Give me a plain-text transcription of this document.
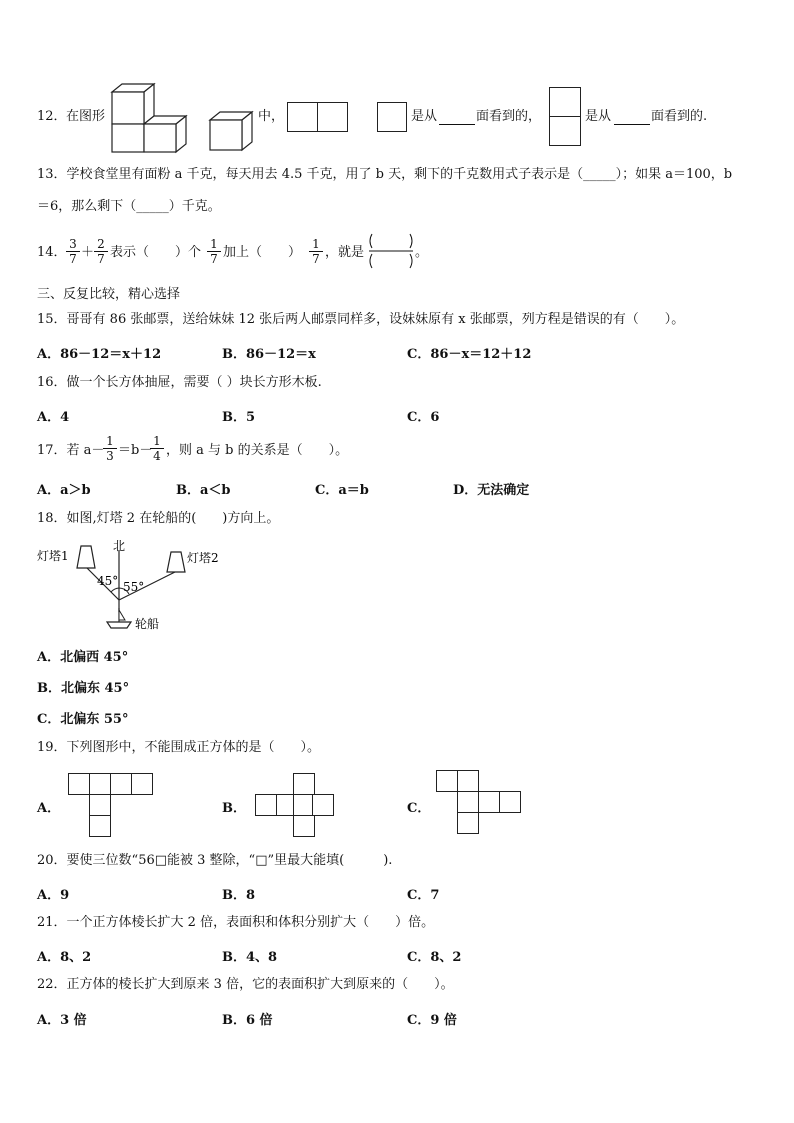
12． 在图形	中，	是从	面看到的，	是从	面看到的.
13．学校食堂里有面粉 a 千克，每天用去 4.5 千克，用了 b 天，剩下的千克数用式子表示是（_____）；如果 a＝100，b
＝6，那么剩下（_____）千克。
14． $\frac{3}{7} + \frac{2}{7}$ 表示（　　）个 $\frac{1}{7}$ 加上（　　） $\frac{1}{7}$ ，就是	。
三、反复比较，精心选择
15．哥哥有 86 张邮票，送给妹妹 12 张后两人邮票同样多，设妹妹原有 x 张邮票，列方程是错误的有（　　）。
A．86－12＝x＋12	B．86－12＝x	C．86－x＝12＋12
16．做一个长方体抽屉，需要（ ）块长方形木板.
A．4	B．5	C．6
17．若 a－
$\frac{1}{3} =b-$
$\frac{1}{4}$ ，则 a 与 b 的关系是（　　）。
A．a＞b	B．a＜b	C．a＝b	D．无法确定
18．如图,灯塔 2 在轮船的(　　)方向上。
灯塔1	灯塔2
北
轮船
45° 55°
A．北偏西 45°
B．北偏东 45°
C．北偏东 55°
19．下列图形中，不能围成正方体的是（　　）。
A．	B．	C．
20．要使三位数“56□能被 3 整除，“□”里最大能填(　　　).
A．9	B．8	C．7
21．一个正方体棱长扩大 2 倍，表面积和体积分别扩大（　　）倍。
A．8、2	B．4、8	C．8、2
22．正方体的棱长扩大到原来 3 倍，它的表面积扩大到原来的（　　）。
A．3 倍	B．6 倍	C．9 倍
